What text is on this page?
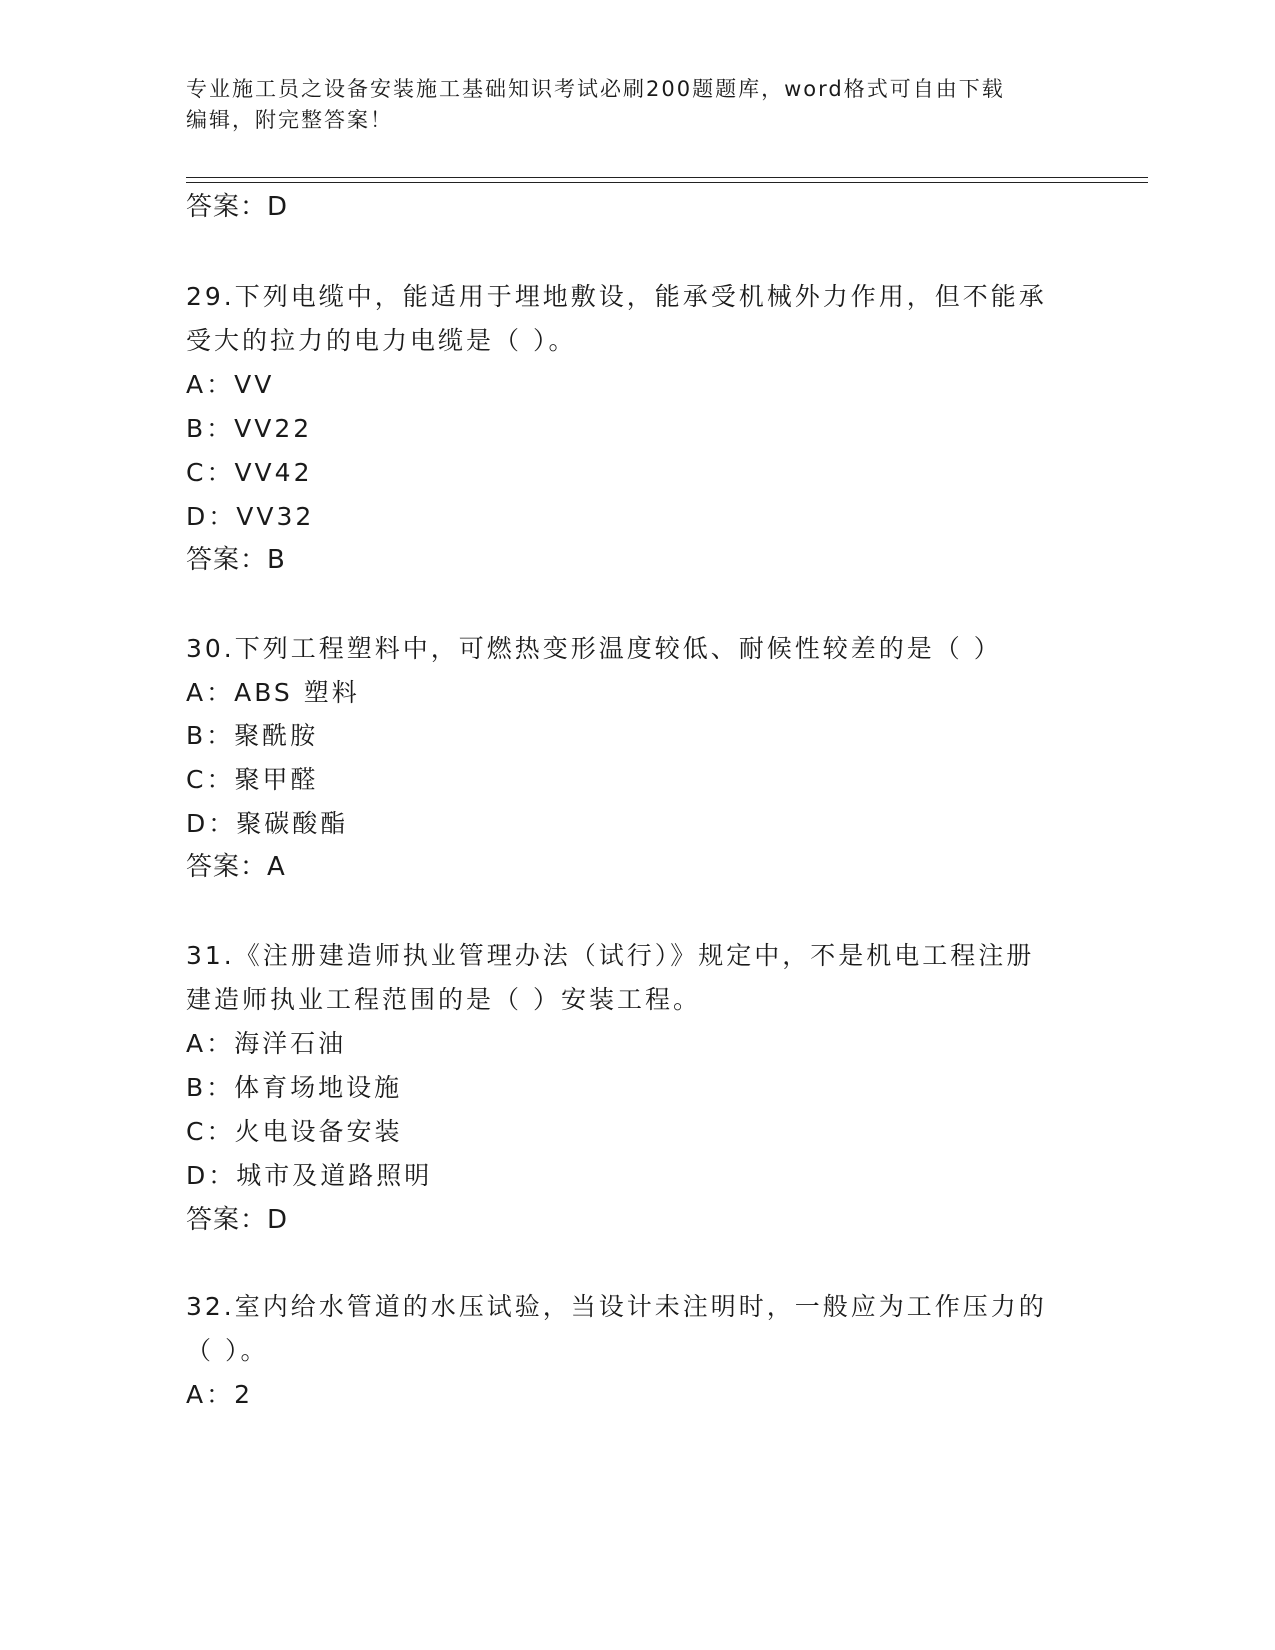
专业施工员之设备安装施工基础知识考试必刷200题题库，word格式可自由下载
编辑，附完整答案！
答案：D
29.下列电缆中，能适用于埋地敷设，能承受机械外力作用，但不能承
受大的拉力的电力电缆是（ ）。
A：VV
B：VV22
C：VV42
D：VV32
答案：B
30.下列工程塑料中，可燃热变形温度较低、耐候性较差的是（ ）
A：ABS 塑料
B：聚酰胺
C：聚甲醛
D：聚碳酸酯
答案：A
31.《注册建造师执业管理办法（试行）》规定中，不是机电工程注册
建造师执业工程范围的是（ ）安装工程。
A：海洋石油
B：体育场地设施
C：火电设备安装
D：城市及道路照明
答案：D
32.室内给水管道的水压试验，当设计未注明时，一般应为工作压力的
（ ）。
A：2
